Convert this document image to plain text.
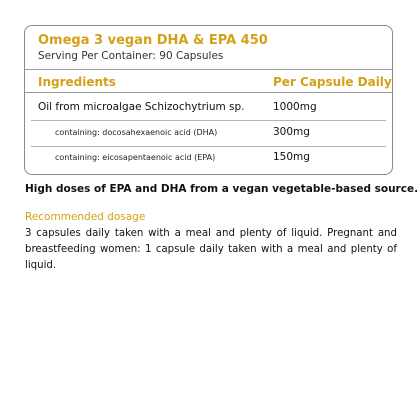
Omega 3 vegan DHA & EPA 450
Serving Per Container: 90 Capsules
Ingredients	Per Capsule Daily
Oil from microalgae Schizochytrium sp.	1000mg
containing: docosahexaenoic acid (DHA)	300mg
containing: eicosapentaenoic acid (EPA)	150mg
High doses of EPA and DHA from a vegan vegetable-based source.
Recommended dosage
3 capsules daily taken with a meal and plenty of liquid. Pregnant and breastfeeding women: 1 capsule daily taken with a meal and plenty of liquid.
